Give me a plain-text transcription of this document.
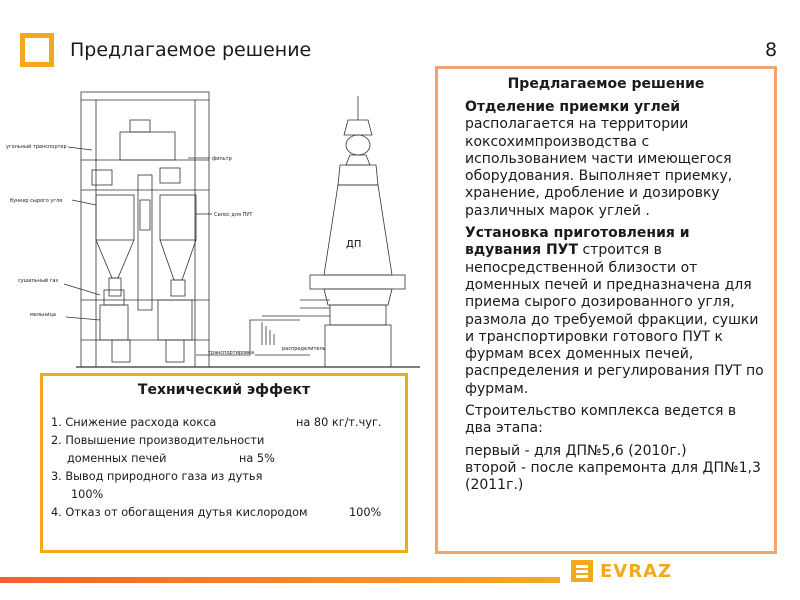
Предлагаемое решение	8
угольный транспортер
бункер сырого угля
сушильный газ
мельница
фильтр
Силос для ПУТ
транспортировка
распределитель
ДП
Предлагаемое решение

Отделение приемки углей располагается на территории коксохимпроизводства с использованием части имеющегося оборудования. Выполняет приемку, хранение, дробление и дозировку различных марок углей .

Установка приготовления и вдувания ПУТ строится в непосредственной близости от доменных печей и предназначена для приема сырого дозированного угля, размола до требуемой фракции, сушки и транспортировки готового ПУТ к фурмам всех доменных печей, распределения и регулирования ПУТ по фурмам.

Строительство комплекса ведется в два этапа:

первый - для ДП№5,6 (2010г.)

второй - после капремонта для ДП№1,3 (2011г.)

Технический эффект
1. Снижение расхода кокса	на 80 кг/т.чуг.
2. Повышение производительности
доменных печей	на 5%
3. Вывод природного газа из дутья
100%
4. Отказ от обогащения дутья кислородом	100%
EVRAZ
